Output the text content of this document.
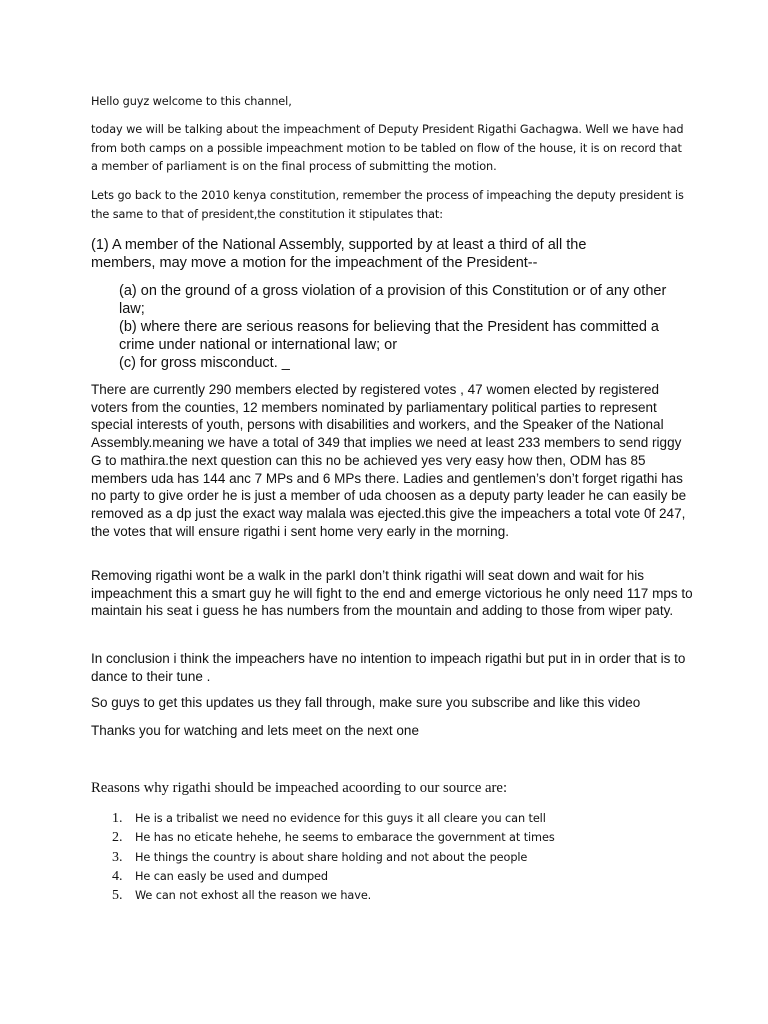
Hello guyz welcome to this channel,

today we will be talking about the impeachment of Deputy President Rigathi Gachagwa. Well we have had from both camps on a possible impeachment motion to be tabled on flow of the house, it is on record that a member of parliament is on the final process of submitting the motion.

Lets go back to the 2010 kenya constitution, remember the process of impeaching the deputy president is the same to that of president,the constitution it stipulates that:

(1) A member of the National Assembly, supported by at least a third of all the members, may move a motion for the impeachment of the President--

(a) on the ground of a gross violation of a provision of this Constitution or of any other law;

(b) where there are serious reasons for believing that the President has committed a crime under national or international law; or

(c) for gross misconduct. _

There are currently 290 members elected by registered votes , 47 women elected by registered voters from the counties, 12 members nominated by parliamentary political parties to represent special interests of youth, persons with disabilities and workers, and the Speaker of the National Assembly.meaning we have a total of 349 that implies we need at least 233 members to send riggy G to mathira.the next question can this no be achieved yes very easy how then, ODM has 85 members uda has 144 anc 7 MPs and 6 MPs there. Ladies and gentlemen’s don’t forget rigathi has no party to give order he is just a member of uda choosen as a deputy party leader he can easily be removed as a dp just the exact way malala was ejected.this give the impeachers a total vote 0f 247, the votes that will ensure rigathi i sent home very early in the morning.

Removing rigathi wont be a walk in the parkI don’t think rigathi will seat down and wait for his impeachment this a smart guy he will fight to the end and emerge victorious he only need 117 mps to maintain his seat i guess he has numbers from the mountain and adding to those from wiper paty.

In conclusion i think the impeachers have no intention to impeach rigathi but put in in order that is to dance to their tune .

So guys to get this updates us they fall through, make sure you subscribe and like this video

Thanks you for watching and lets meet on the next one

Reasons why rigathi should be impeached acoording to our source are:

1.	He is a tribalist we need no evidence for this guys it all cleare you can tell
2.	He has no eticate hehehe, he seems to embarace the government at times
3.	He things the country is about share holding and not about the people
4.	He can easly be used and dumped
5.	We can not exhost all the reason we have.
